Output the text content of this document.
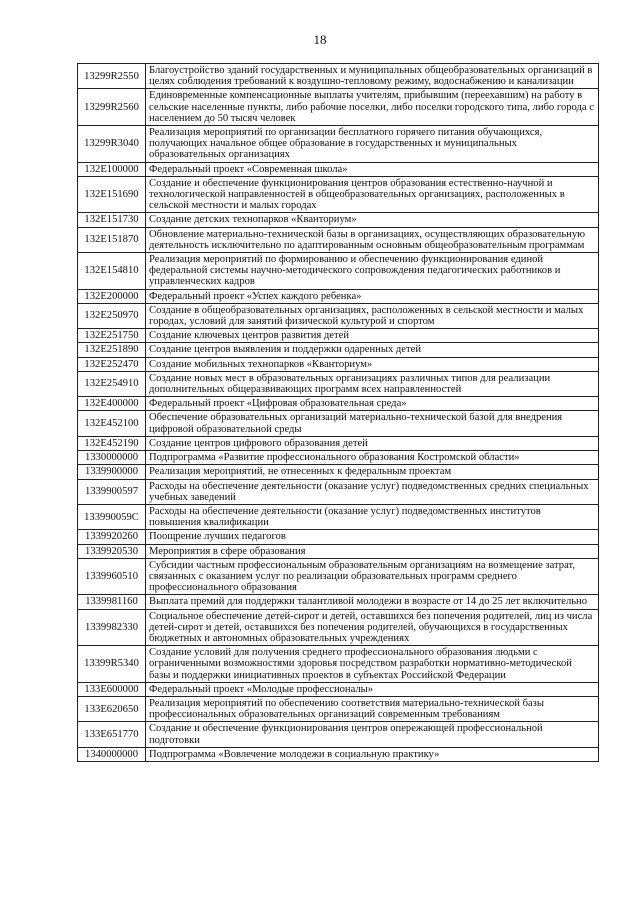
18
13299R2550	Благоустройство зданий государственных и муниципальных общеобразовательных организаций в целях соблюдения требований к воздушно-тепловому режиму, водоснабжению и канализации
13299R2560	Единовременные компенсационные выплаты учителям, прибывшим (переехавшим) на работу в сельские населенные пункты, либо рабочие поселки, либо поселки городского типа, либо города с населением до 50 тысяч человек
13299R3040	Реализация мероприятий по организации бесплатного горячего питания обучающихся, получающих начальное общее образование в государственных и муниципальных образовательных организациях
132E100000	Федеральный проект «Современная школа»
132E151690	Создание и обеспечение функционирования центров образования естественно-научной и технологической направленностей в общеобразовательных организациях, расположенных в сельской местности и малых городах
132E151730	Создание детских технопарков «Кванториум»
132E151870	Обновление материально-технической базы в организациях, осуществляющих образовательную деятельность исключительно по адаптированным основным общеобразовательным программам
132E154810	Реализация мероприятий по формированию и обеспечению функционирования единой федеральной системы научно-методического сопровождения педагогических работников и управленческих кадров
132E200000	Федеральный проект «Успех каждого ребенка»
132E250970	Создание в общеобразовательных организациях, расположенных в сельской местности и малых городах, условий для занятий физической культурой и спортом
132E251750	Создание ключевых центров развития детей
132E251890	Создание центров выявления и поддержки одаренных детей
132E252470	Создание мобильных технопарков «Кванториум»
132E254910	Создание новых мест в образовательных организациях различных типов для реализации дополнительных общеразвивающих программ всех направленностей
132E400000	Федеральный проект «Цифровая образовательная среда»
132E452100	Обеспечение образовательных организаций материально-технической базой для внедрения цифровой образовательной среды
132E452190	Создание центров цифрового образования детей
1330000000	Подпрограмма «Развитие профессионального образования Костромской области»
1339900000	Реализация мероприятий, не отнесенных к федеральным проектам
1339900597	Расходы на обеспечение деятельности (оказание услуг) подведомственных средних специальных учебных заведений
133990059С	Расходы на обеспечение деятельности (оказание услуг) подведомственных институтов повышения квалификации
1339920260	Поощрение лучших педагогов
1339920530	Мероприятия в сфере образования
1339960510	Субсидии частным профессиональным образовательным организациям на возмещение затрат, связанных с оказанием услуг по реализации образовательных программ среднего профессионального образования
1339981160	Выплата премий для поддержки талантливой молодежи в возрасте от 14 до 25 лет включительно
1339982330	Социальное обеспечение детей-сирот и детей, оставшихся без попечения родителей, лиц из числа детей-сирот и детей, оставшихся без попечения родителей, обучающихся в государственных бюджетных и автономных образовательных учреждениях
13399R5340	Создание условий для получения среднего профессионального образования людьми с ограниченными возможностями здоровья посредством разработки нормативно-методической базы и поддержки инициативных проектов в субъектах Российской Федерации
133E600000	Федеральный проект «Молодые профессионалы»
133E620650	Реализация мероприятий по обеспечению соответствия материально-технической базы профессиональных образовательных организаций современным требованиям
133E651770	Создание и обеспечение функционирования центров опережающей профессиональной подготовки
1340000000	Подпрограмма «Вовлечение молодежи в социальную практику»
